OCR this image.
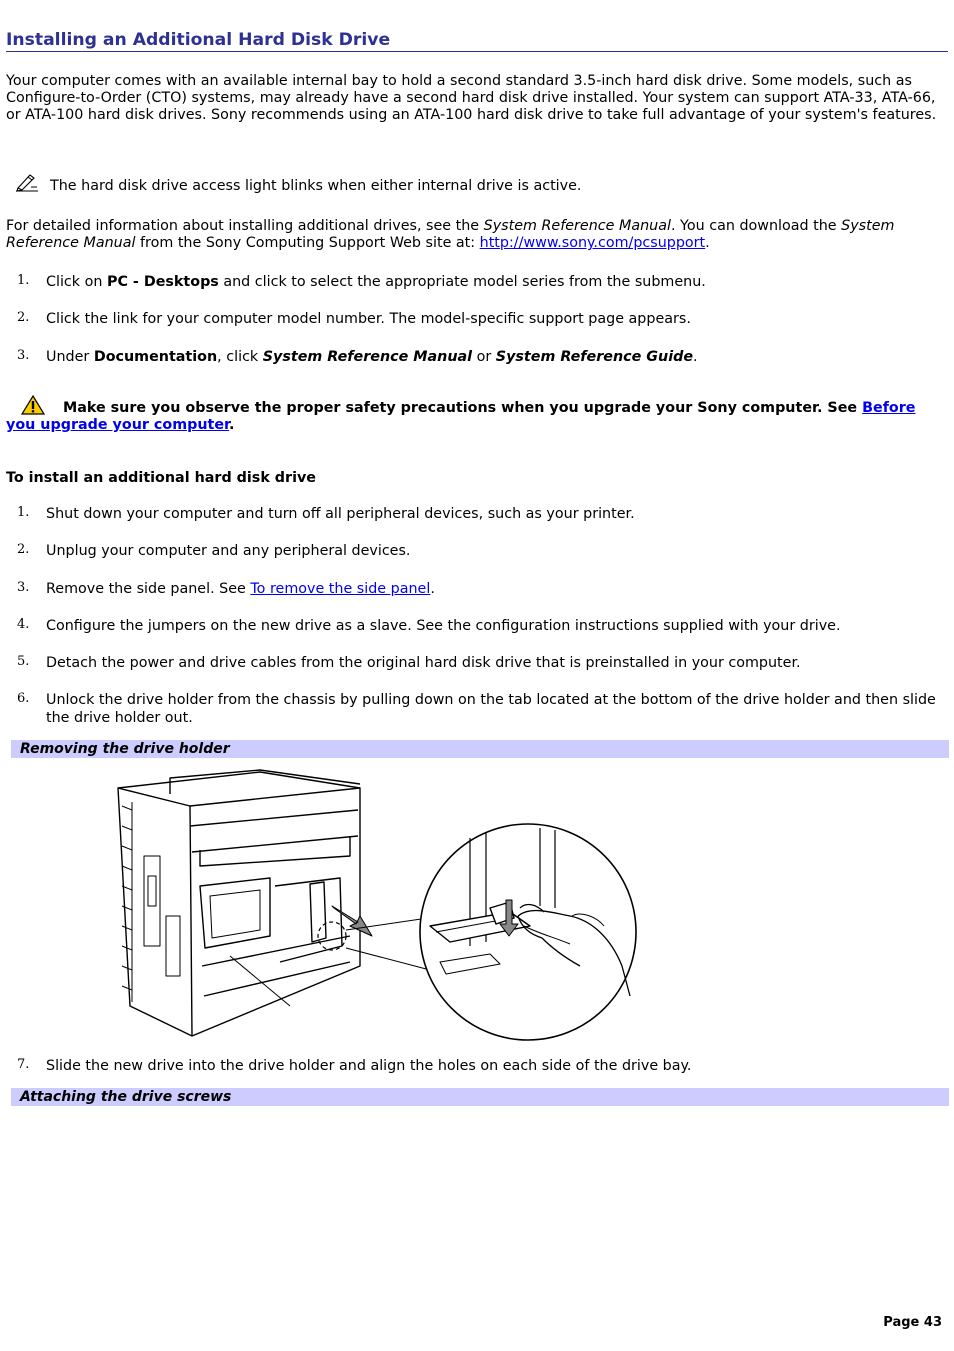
Installing an Additional Hard Disk Drive

Your computer comes with an available internal bay to hold a second standard 3.5-inch hard disk drive. Some models, such as Configure-to-Order (CTO) systems, may already have a second hard disk drive installed. Your system can support ATA-33, ATA-66, or ATA-100 hard disk drives. Sony recommends using an ATA-100 hard disk drive to take full advantage of your system's features.

The hard disk drive access light blinks when either internal drive is active.

For detailed information about installing additional drives, see the System Reference Manual. You can download the System Reference Manual from the Sony Computing Support Web site at: http://www.sony.com/pcsupport.

1. Click on PC - Desktops and click to select the appropriate model series from the submenu.
2. Click the link for your computer model number. The model-specific support page appears.
3. Under Documentation, click System Reference Manual or System Reference Guide.

Make sure you observe the proper safety precautions when you upgrade your Sony computer. See Before you upgrade your computer.

To install an additional hard disk drive
1. Shut down your computer and turn off all peripheral devices, such as your printer.
2. Unplug your computer and any peripheral devices.
3. Remove the side panel. See To remove the side panel.
4. Configure the jumpers on the new drive as a slave. See the configuration instructions supplied with your drive.
5. Detach the power and drive cables from the original hard disk drive that is preinstalled in your computer.
6. Unlock the drive holder from the chassis by pulling down on the tab located at the bottom of the drive holder and then slide the drive holder out.
Removing the drive holder
7. Slide the new drive into the drive holder and align the holes on each side of the drive bay.
Attaching the drive screws
Page 43
